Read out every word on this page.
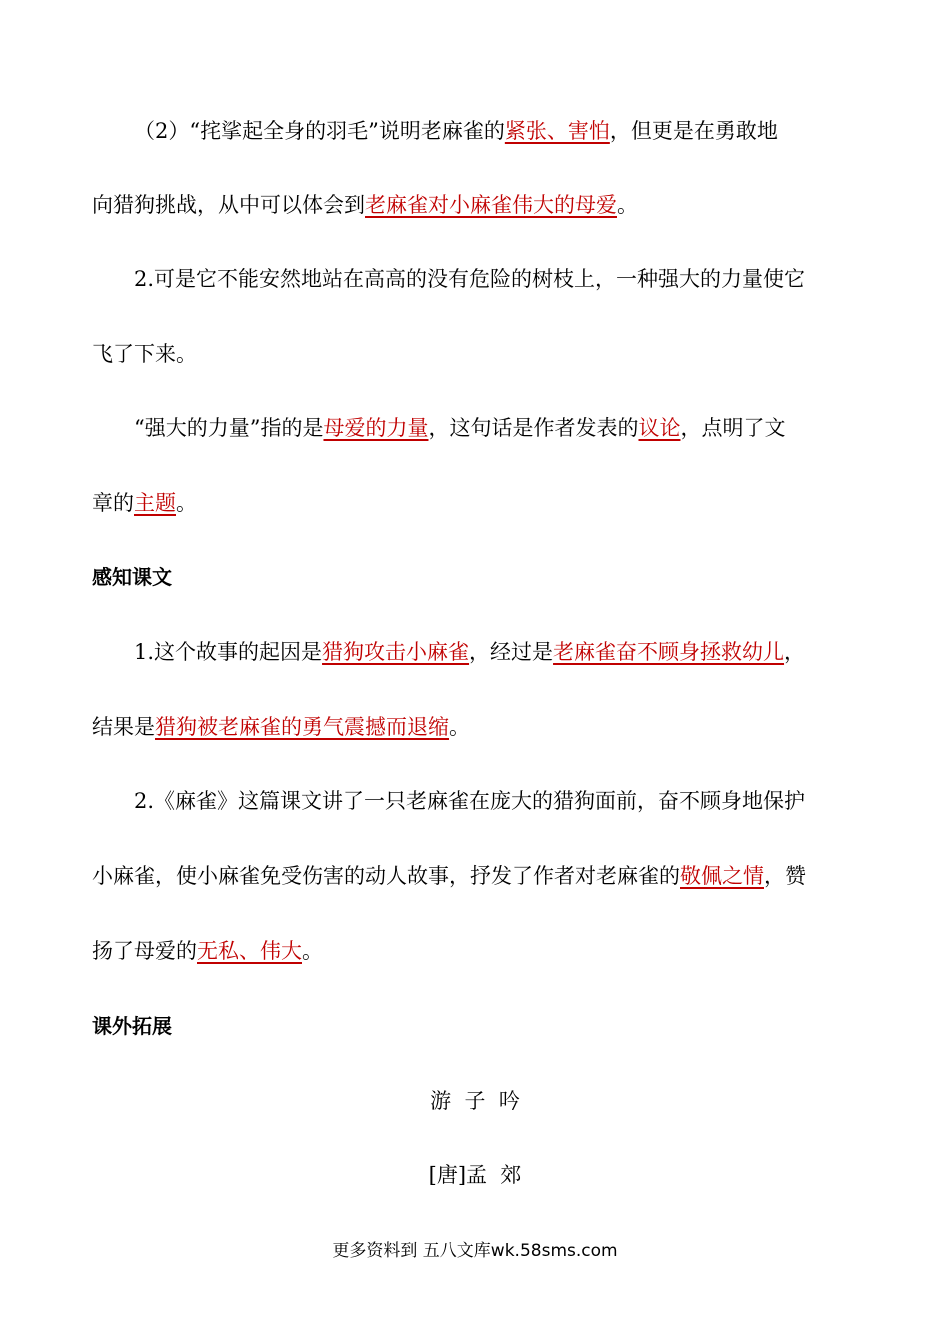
（2）“挓挲起全身的羽毛”说明老麻雀的紧张、害怕，但更是在勇敢地
向猎狗挑战，从中可以体会到老麻雀对小麻雀伟大的母爱。
2.可是它不能安然地站在高高的没有危险的树枝上，一种强大的力量使它
飞了下来。
“强大的力量”指的是母爱的力量，这句话是作者发表的议论，点明了文
章的主题。
感知课文
1.这个故事的起因是猎狗攻击小麻雀，经过是老麻雀奋不顾身拯救幼儿，
结果是猎狗被老麻雀的勇气震撼而退缩。
2.《麻雀》这篇课文讲了一只老麻雀在庞大的猎狗面前，奋不顾身地保护
小麻雀，使小麻雀免受伤害的动人故事，抒发了作者对老麻雀的敬佩之情，赞
扬了母爱的无私、伟大。
课外拓展
游  子  吟
[唐]孟  郊
更多资料到 五八文库wk.58sms.com
